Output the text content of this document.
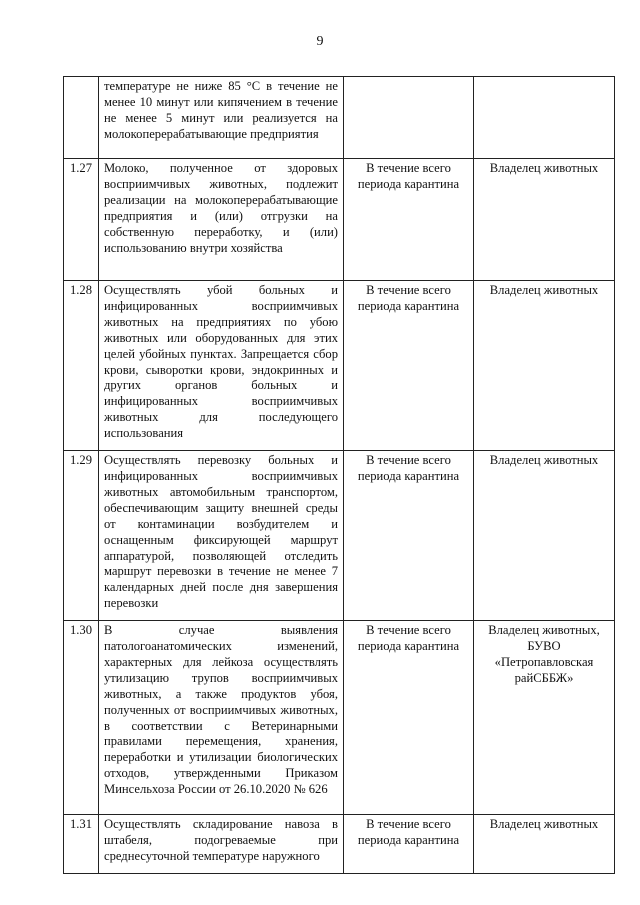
9
	температуре не ниже 85 °С в течение не менее 10 минут или кипячением в течение не менее 5 минут или реализуется на молокоперерабатывающие предприятия		
1.27	Молоко, полученное от здоровых восприимчивых животных, подлежит реализации на молокоперерабатывающие предприятия и (или) отгрузки на собственную переработку, и (или) использованию внутри хозяйства	В течение всего периода карантина	Владелец животных
1.28	Осуществлять убой больных и инфицированных восприимчивых животных на предприятиях по убою животных или оборудованных для этих целей убойных пунктах. Запрещается сбор крови, сыворотки крови, эндокринных и других органов больных и инфицированных восприимчивых животных для последующего использования	В течение всего периода карантина	Владелец животных
1.29	Осуществлять перевозку больных и инфицированных восприимчивых животных автомобильным транспортом, обеспечивающим защиту внешней среды от контаминации возбудителем и оснащенным фиксирующей маршрут аппаратурой, позволяющей отследить маршрут перевозки в течение не менее 7 календарных дней после дня завершения перевозки	В течение всего периода карантина	Владелец животных
1.30	В случае выявления патологоанатомических изменений, характерных для лейкоза осуществлять утилизацию трупов восприимчивых животных, а также продуктов убоя, полученных от восприимчивых животных, в соответствии с Ветеринарными правилами перемещения, хранения, переработки и утилизации биологических отходов, утвержденными Приказом Минсельхоза России от 26.10.2020 № 626	В течение всего периода карантина	Владелец животных, БУВО «Петропавловская райСББЖ»
1.31	Осуществлять складирование навоза в штабеля, подогреваемые при среднесуточной температуре наружного	В течение всего периода карантина	Владелец животных
